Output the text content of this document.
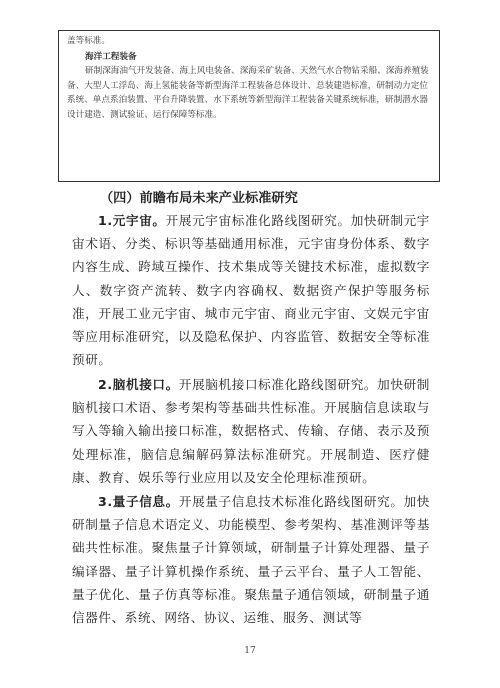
盖等标准。

海洋工程装备

研制深海油气开发装备、海上风电装备、深海采矿装备、天然气水合物钻采船、深海养殖装备、大型人工浮岛、海上氢能装备等新型海洋工程装备总体设计、总装建造标准，研制动力定位系统、单点系泊装置、平台升降装置、水下系统等新型海洋工程装备关键系统标准，研制潜水器设计建造、测试验证、运行保障等标准。

（四）前瞻布局未来产业标准研究

1.元宇宙。开展元宇宙标准化路线图研究。加快研制元宇宙术语、分类、标识等基础通用标准，元宇宙身份体系、数字内容生成、跨域互操作、技术集成等关键技术标准，虚拟数字人、数字资产流转、数字内容确权、数据资产保护等服务标准，开展工业元宇宙、城市元宇宙、商业元宇宙、文娱元宇宙等应用标准研究，以及隐私保护、内容监管、数据安全等标准预研。

2.脑机接口。开展脑机接口标准化路线图研究。加快研制脑机接口术语、参考架构等基础共性标准。开展脑信息读取与写入等输入输出接口标准，数据格式、传输、存储、表示及预处理标准，脑信息编解码算法标准研究。开展制造、医疗健康、教育、娱乐等行业应用以及安全伦理标准预研。

3.量子信息。开展量子信息技术标准化路线图研究。加快研制量子信息术语定义、功能模型、参考架构、基准测评等基础共性标准。聚焦量子计算领域，研制量子计算处理器、量子编译器、量子计算机操作系统、量子云平台、量子人工智能、量子优化、量子仿真等标准。聚焦量子通信领域，研制量子通信器件、系统、网络、协议、运维、服务、测试等

17
